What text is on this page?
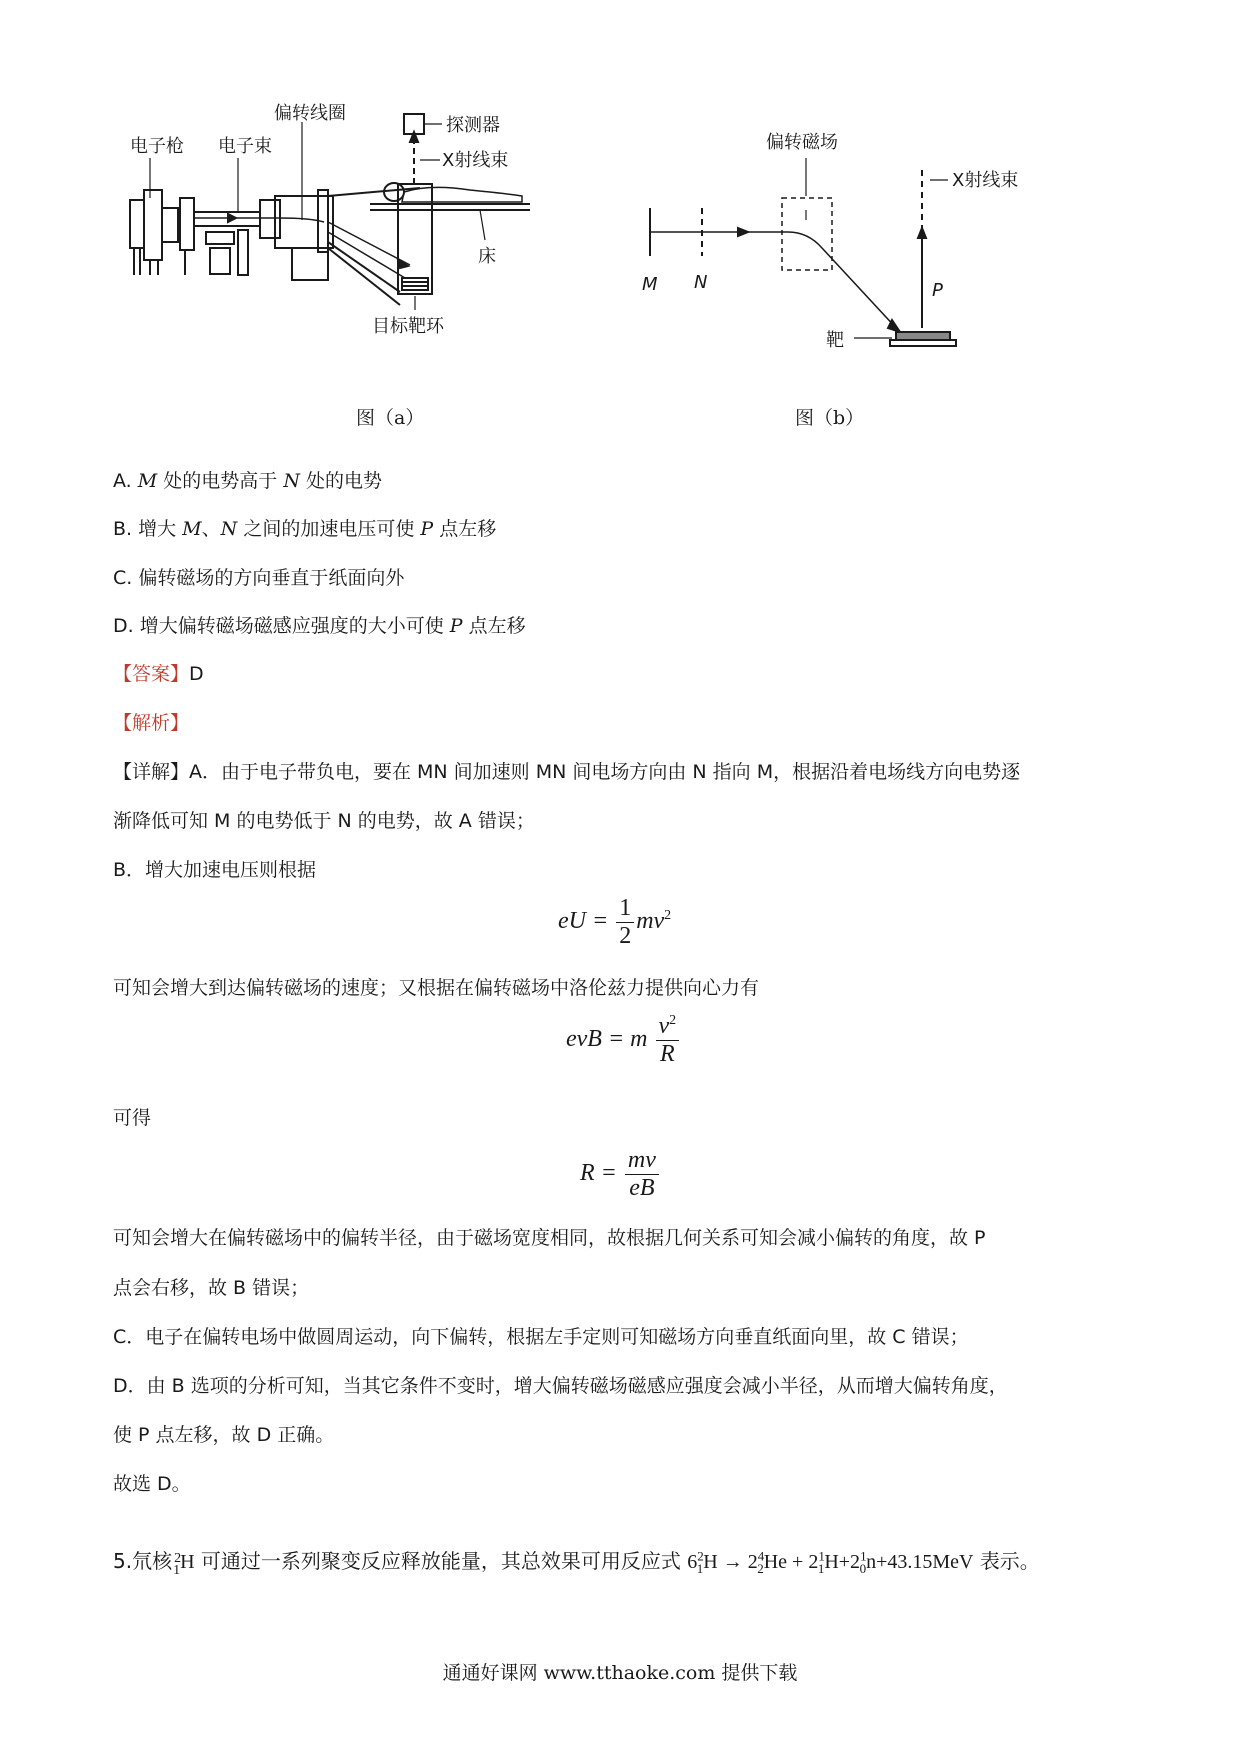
偏转线圈
电子枪 电子束
探测器
X射线束
床
目标靶环
图（a）
偏转磁场
X射线束
M N	P
靶
图（b）
A. M 处的电势高于 N 处的电势
B. 增大 M、N 之间的加速电压可使 P 点左移
C. 偏转磁场的方向垂直于纸面向外
D. 增大偏转磁场磁感应强度的大小可使 P 点左移
【答案】D
【解析】
【详解】A．由于电子带负电，要在 MN 间加速则 MN 间电场方向由 N 指向 M，根据沿着电场线方向电势逐
渐降低可知 M 的电势低于 N 的电势，故 A 错误；
B．增大加速电压则根据
eU = $\frac{1}{2} mv^2$
可知会增大到达偏转磁场的速度；又根据在偏转磁场中洛伦兹力提供向心力有
evB = m $\frac{v^2}{R}$
可得
$R = \frac{mv}{eB}$
可知会增大在偏转磁场中的偏转半径，由于磁场宽度相同，故根据几何关系可知会减小偏转的角度，故 P
点会右移，故 B 错误；
C．电子在偏转电场中做圆周运动，向下偏转，根据左手定则可知磁场方向垂直纸面向里，故 C 错误；
D．由 B 选项的分析可知，当其它条件不变时，增大偏转磁场磁感应强度会减小半径，从而增大偏转角度，
使 P 点左移，故 D 正确。
故选 D。
5.氘核 $^2_1$H 可通过一系列聚变反应释放能量，其总效果可用反应式 $6^2_1H \to 2^4_2He + 2^1_1H+2^1_0n+43.15MeV$ 表示。
通通好课网 www.tthaoke.com 提供下载
